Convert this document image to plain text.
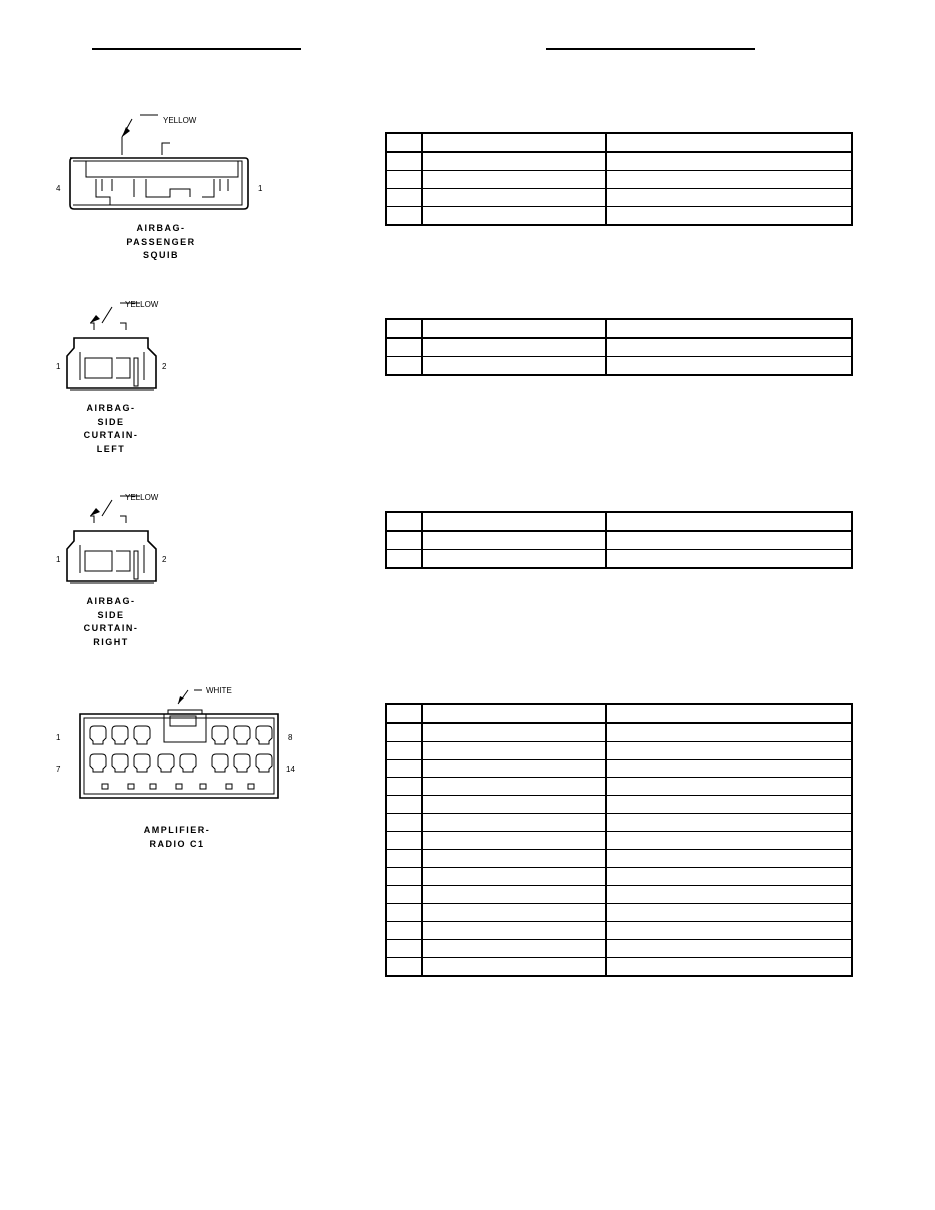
YELLOW
4	1
AIRBAG-
PASSENGER
SQUIB
YELLOW
1	2
AIRBAG-
SIDE
CURTAIN-
LEFT
YELLOW
1	2
AIRBAG-
SIDE
CURTAIN-
RIGHT
WHITE
1	8
7	14
AMPLIFIER-
RADIO C1
